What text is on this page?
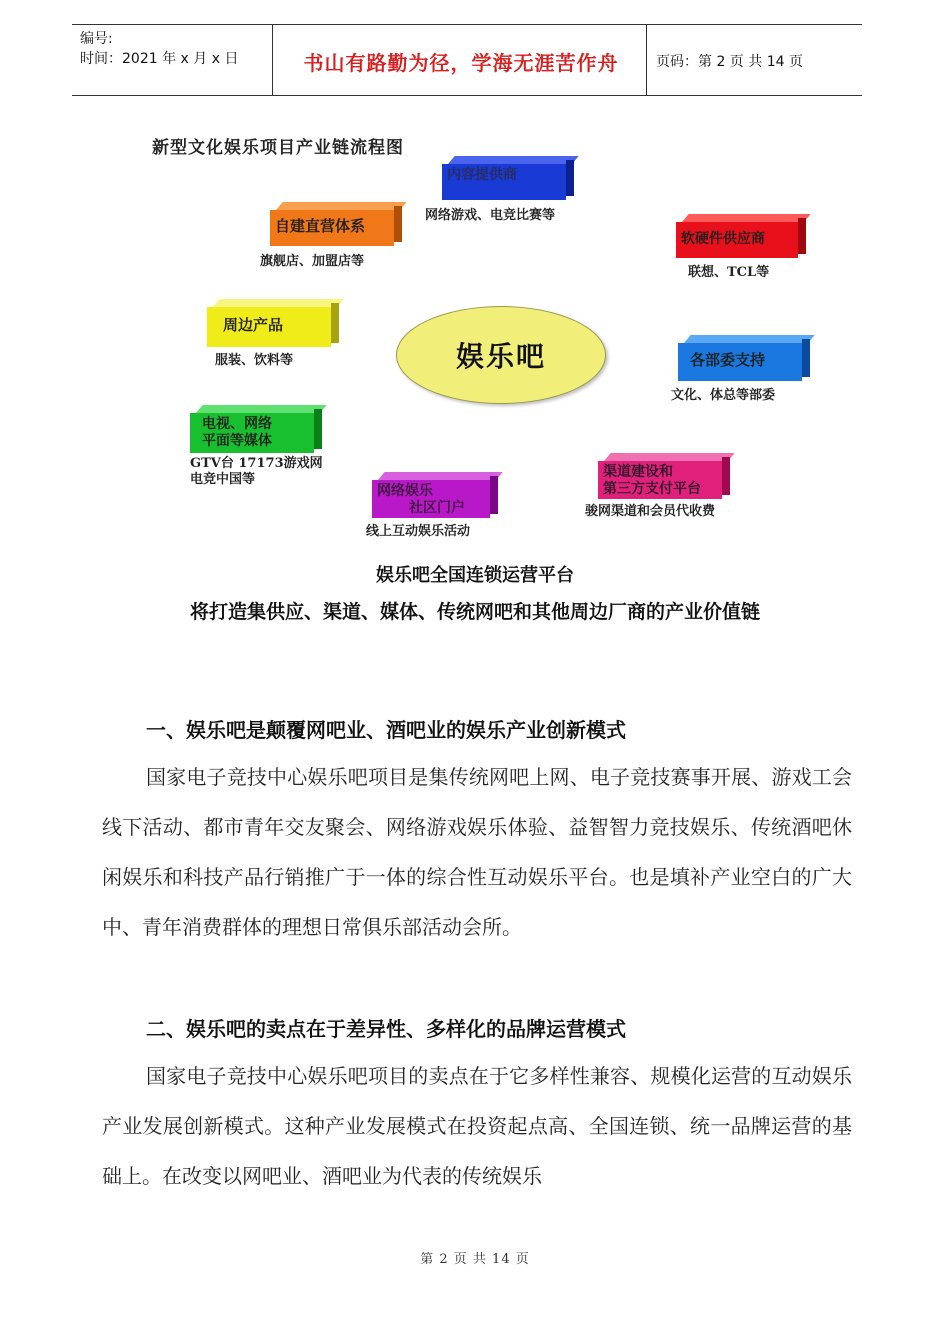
编号:
时间：2021 年 x 月 x 日	书山有路勤为径，学海无涯苦作舟	页码：第 2 页 共 14 页
新型文化娱乐项目产业链流程图
内容提供商
网络游戏、电竞比赛等
自建直营体系
旗舰店、加盟店等
软硬件供应商
联想、TCL等
周边产品
服装、饮料等	娱乐吧	各部委支持
文化、体总等部委
电视、网络
平面等媒体
GTV台 17173游戏网
电竞中国等
网络娱乐
社区门户
线上互动娱乐活动
渠道建设和
第三方支付平台
骏网渠道和会员代收费
娱乐吧全国连锁运营平台
将打造集供应、渠道、媒体、传统网吧和其他周边厂商的产业价值链
一、娱乐吧是颠覆网吧业、酒吧业的娱乐产业创新模式
国家电子竞技中心娱乐吧项目是集传统网吧上网、电子竞技赛事开展、游戏工会线下活动、都市青年交友聚会、网络游戏娱乐体验、益智智力竞技娱乐、传统酒吧休闲娱乐和科技产品行销推广于一体的综合性互动娱乐平台。也是填补产业空白的广大中、青年消费群体的理想日常俱乐部活动会所。
二、娱乐吧的卖点在于差异性、多样化的品牌运营模式
国家电子竞技中心娱乐吧项目的卖点在于它多样性兼容、规模化运营的互动娱乐产业发展创新模式。这种产业发展模式在投资起点高、全国连锁、统一品牌运营的基础上。在改变以网吧业、酒吧业为代表的传统娱乐
第 2 页 共 14 页
